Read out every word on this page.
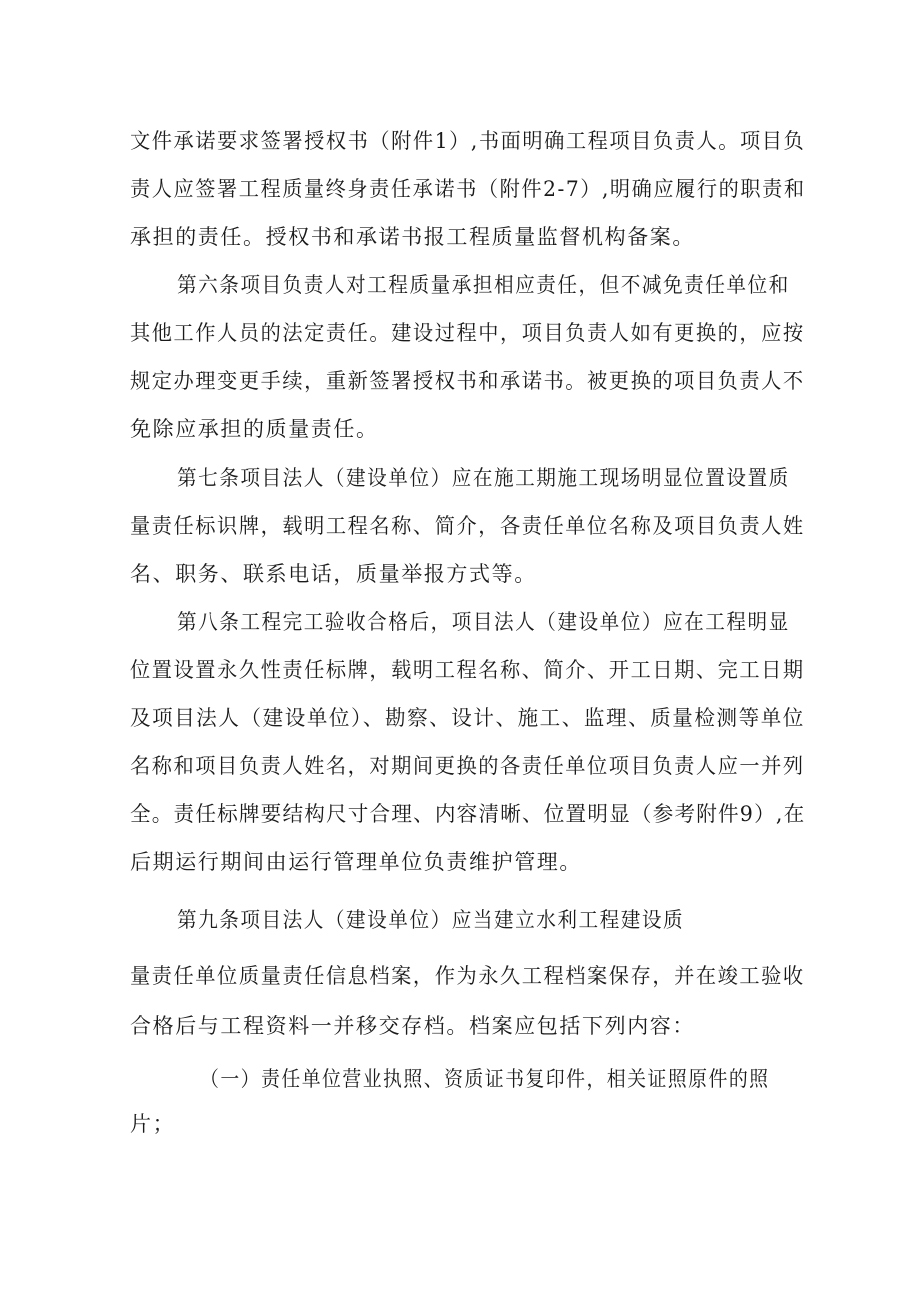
文件承诺要求签署授权书（附件1）,书面明确工程项目负责人。项目负
责人应签署工程质量终身责任承诺书（附件2-7）,明确应履行的职责和
承担的责任。授权书和承诺书报工程质量监督机构备案。
第六条项目负责人对工程质量承担相应责任，但不减免责任单位和
其他工作人员的法定责任。建设过程中，项目负责人如有更换的，应按
规定办理变更手续，重新签署授权书和承诺书。被更换的项目负责人不
免除应承担的质量责任。
第七条项目法人（建设单位）应在施工期施工现场明显位置设置质
量责任标识牌，载明工程名称、简介，各责任单位名称及项目负责人姓
名、职务、联系电话，质量举报方式等。
第八条工程完工验收合格后，项目法人（建设单位）应在工程明显
位置设置永久性责任标牌，载明工程名称、简介、开工日期、完工日期
及项目法人（建设单位）、勘察、设计、施工、监理、质量检测等单位
名称和项目负责人姓名，对期间更换的各责任单位项目负责人应一并列
全。责任标牌要结构尺寸合理、内容清晰、位置明显（参考附件9）,在
后期运行期间由运行管理单位负责维护管理。
第九条项目法人（建设单位）应当建立水利工程建设质
量责任单位质量责任信息档案，作为永久工程档案保存，并在竣工验收
合格后与工程资料一并移交存档。档案应包括下列内容：
（一）责任单位营业执照、资质证书复印件，相关证照原件的照
片；
